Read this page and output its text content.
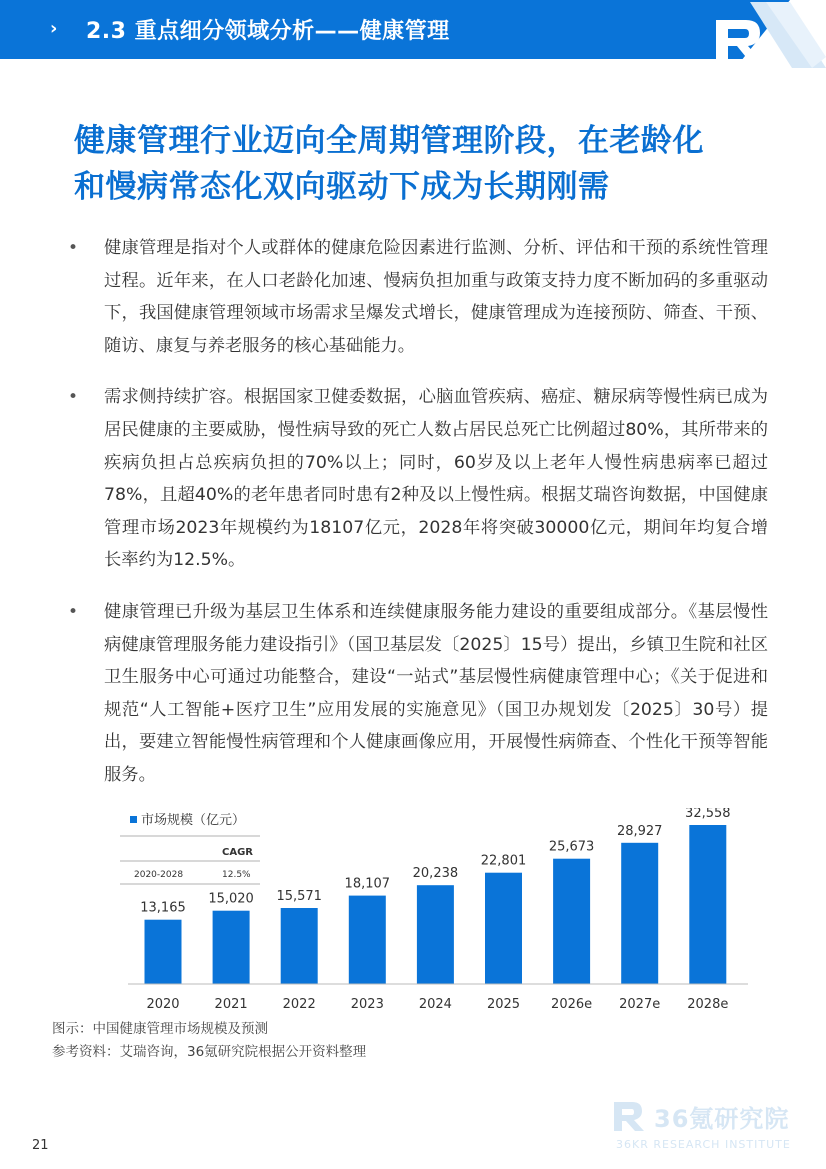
› 2.3 重点细分领域分析——健康管理
健康管理行业迈向全周期管理阶段，在老龄化
和慢病常态化双向驱动下成为长期刚需
• 健康管理是指对个人或群体的健康危险因素进行监测、分析、评估和干预的系统性管理过程。近年来，在人口老龄化加速、慢病负担加重与政策支持力度不断加码的多重驱动下，我国健康管理领域市场需求呈爆发式增长，健康管理成为连接预防、筛查、干预、随访、康复与养老服务的核心基础能力。
• 需求侧持续扩容。根据国家卫健委数据，心脑血管疾病、癌症、糖尿病等慢性病已成为居民健康的主要威胁，慢性病导致的死亡人数占居民总死亡比例超过80%，其所带来的疾病负担占总疾病负担的70%以上；同时，60岁及以上老年人慢性病患病率已超过78%，且超40%的老年患者同时患有2种及以上慢性病。根据艾瑞咨询数据，中国健康管理市场2023年规模约为18107亿元，2028年将突破30000亿元，期间年均复合增长率约为12.5%。
• 健康管理已升级为基层卫生体系和连续健康服务能力建设的重要组成部分。《基层慢性病健康管理服务能力建设指引》（国卫基层发〔2025〕15号）提出，乡镇卫生院和社区卫生服务中心可通过功能整合，建设“一站式”基层慢性病健康管理中心；《关于促进和规范“人工智能+医疗卫生”应用发展的实施意见》（国卫办规划发〔2025〕30号）提出，要建立智能慢性病管理和个人健康画像应用，开展慢性病筛查、个性化干预等智能服务。
市场规模（亿元）
CAGR
2020-2028	12.5%
13,165
2020
15,020
2021
15,571
2022
18,107
2023
20,238
2024
22,801
2025
25,673
2026e
28,927
2027e
32,558
2028e
图示：中国健康管理市场规模及预测
参考资料：艾瑞咨询，36氪研究院根据公开资料整理
36氪研究院
36KR RESEARCH INSTITUTE
21
